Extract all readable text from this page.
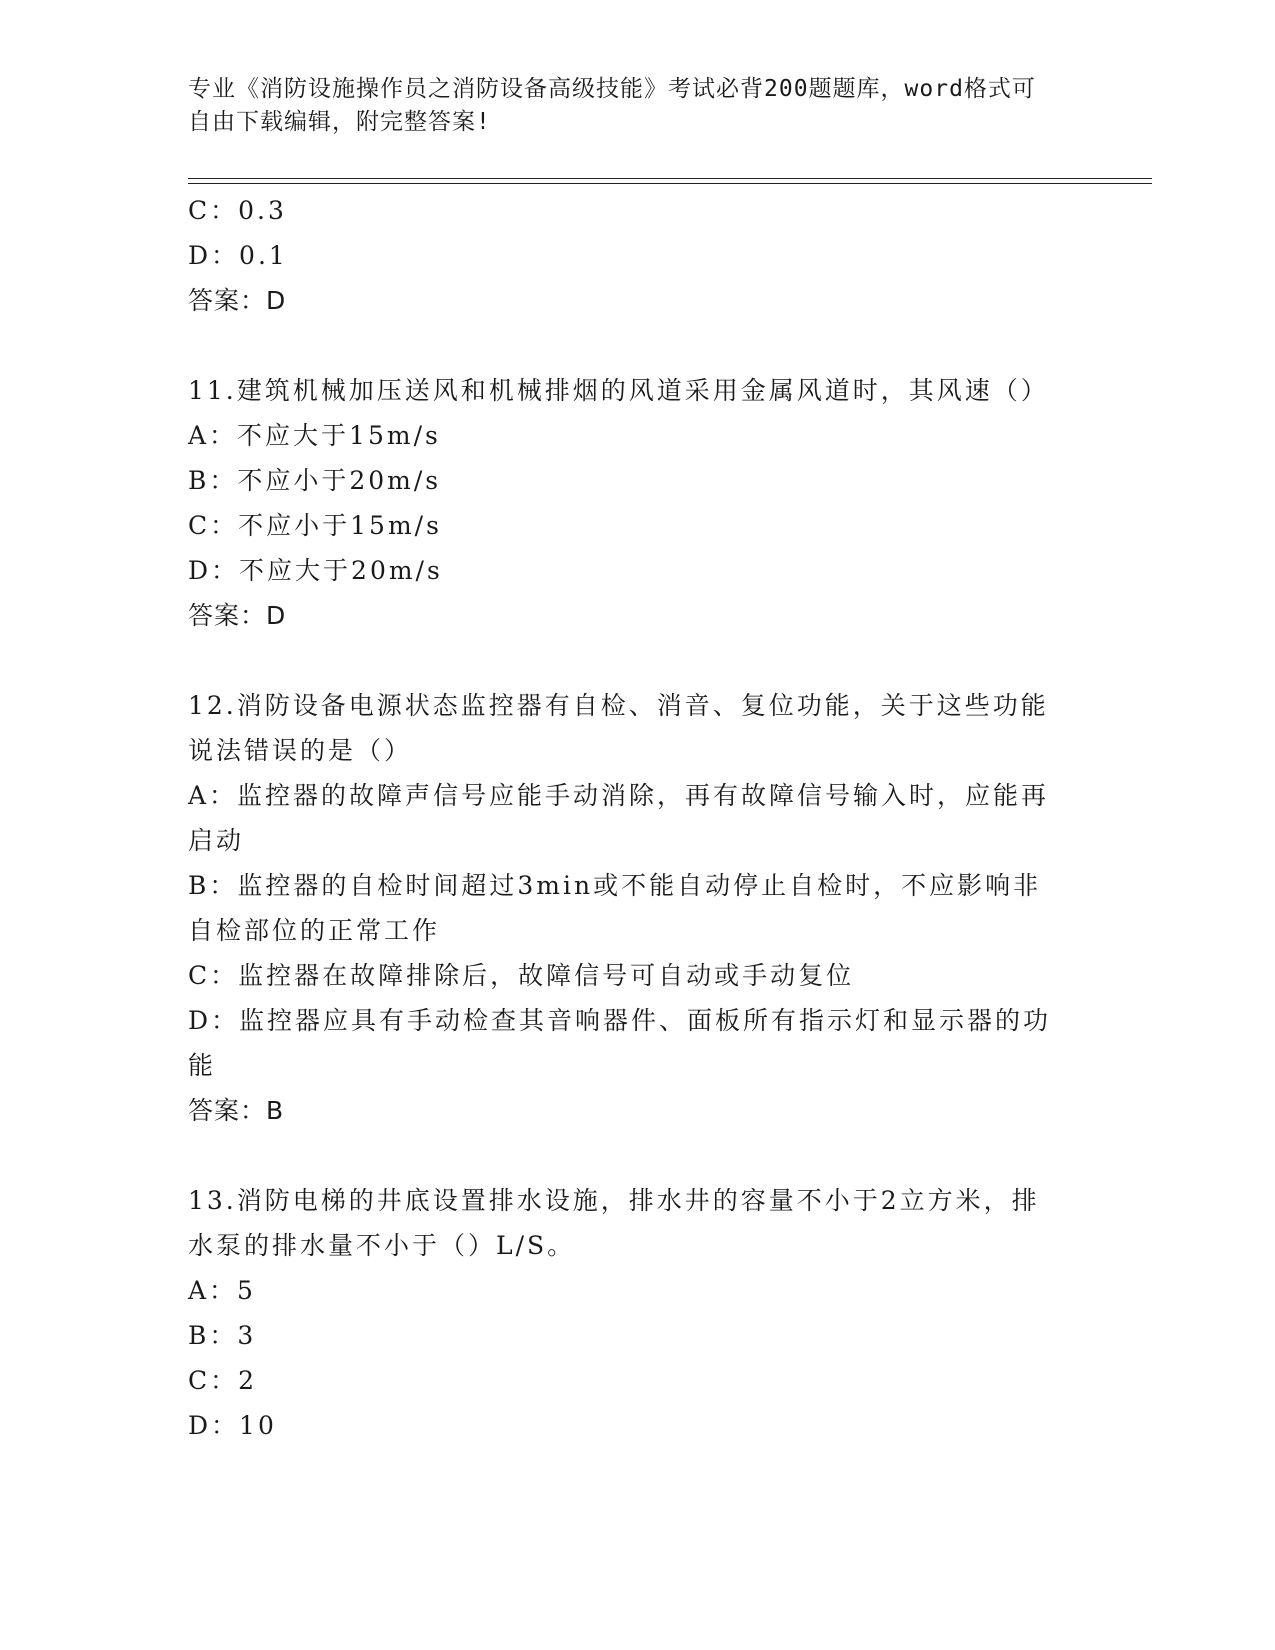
专业《消防设施操作员之消防设备高级技能》考试必背200题题库，word格式可
自由下载编辑，附完整答案!
C：0.3
D：0.1
答案：D
11.建筑机械加压送风和机械排烟的风道采用金属风道时，其风速（）
A：不应大于15m/s
B：不应小于20m/s
C：不应小于15m/s
D：不应大于20m/s
答案：D
12.消防设备电源状态监控器有自检、消音、复位功能，关于这些功能
说法错误的是（）
A：监控器的故障声信号应能手动消除，再有故障信号输入时，应能再
启动
B：监控器的自检时间超过3min或不能自动停止自检时，不应影响非
自检部位的正常工作
C：监控器在故障排除后，故障信号可自动或手动复位
D：监控器应具有手动检查其音响器件、面板所有指示灯和显示器的功
能
答案：B
13.消防电梯的井底设置排水设施，排水井的容量不小于2立方米，排
水泵的排水量不小于（）L/S。
A：5
B：3
C：2
D：10
